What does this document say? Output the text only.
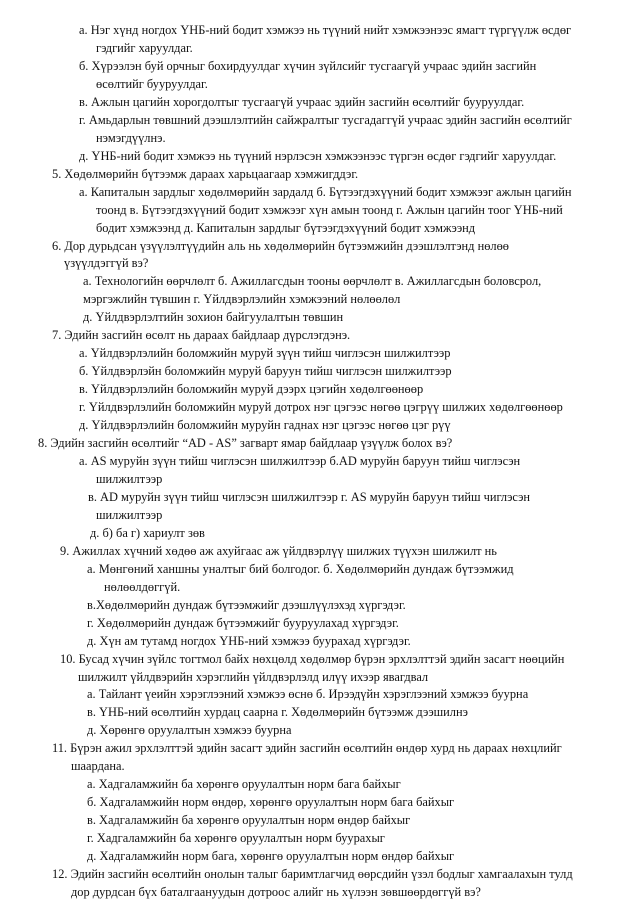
а. Нэг хүнд ногдох ҮНБ-ний бодит хэмжээ нь түүний нийт хэмжээнээс ямагт түргүүлж өсдөг
гэдгийг харуулдаг.
б. Хүрээлэн буй орчныг бохирдуулдаг хүчин зүйлсийг тусгаагүй учраас эдийн засгийн
өсөлтийг бууруулдаг.
в. Ажлын цагийн хорогдолтыг тусгаагүй учраас эдийн засгийн өсөлтийг бууруулдаг.
г. Амьдарлын төвшний дээшлэлтийн сайжралтыг тусгадаггүй учраас эдийн засгийн өсөлтийг
нэмэгдүүлнэ.
д. ҮНБ-ний бодит хэмжээ нь түүний нэрлэсэн хэмжээнээс түргэн өсдөг гэдгийг харуулдаг.
5. Хөдөлмөрийн бүтээмж дараах харьцаагаар хэмжигддэг.
а. Капиталын зардлыг хөдөлмөрийн зардалд б. Бүтээгдэхүүний бодит хэмжээг ажлын цагийн
тоонд в. Бүтээгдэхүүний бодит хэмжээг хүн амын тоонд г. Ажлын цагийн тоог ҮНБ-ний
бодит хэмжээнд д. Капиталын зардлыг бүтээгдэхүүний бодит хэмжээнд
6. Дор дурьдсан үзүүлэлтүүдийн аль нь хөдөлмөрийн бүтээмжийн дээшлэлтэнд нөлөө
үзүүлдэггүй вэ?
а. Технологийн өөрчлөлт б. Ажиллагсдын тооны өөрчлөлт в. Ажиллагсдын боловсрол,
мэргэжлийн түвшин г. Үйлдвэрлэлийн хэмжээний нөлөөлөл
д. Үйлдвэрлэлтийн зохион байгуулалтын төвшин
7. Эдийн засгийн өсөлт нь дараах байдлаар дүрслэгдэнэ.
а. Үйлдвэрлэлийн боломжийн муруй зүүн тийш чиглэсэн шилжилтээр
б. Үйлдвэрлэйн боломжийн муруй баруун тийш чиглэсэн шилжилтээр
в. Үйлдвэрлэлийн боломжийн муруй дээрх цэгийн хөдөлгөөнөөр
г. Үйлдвэрлэлийн боломжийн муруй дотрох нэг цэгээс нөгөө цэгрүү шилжих хөдөлгөөнөөр
д. Үйлдвэрлэлийн боломжийн муруйн гаднах нэг цэгээс нөгөө цэг рүү
8. Эдийн засгийн өсөлтийг “AD - AS” загварт ямар байдлаар үзүүлж болох вэ?
а. AS муруйн зүүн тийш чиглэсэн шилжилтээр б.AD муруйн баруун тийш чиглэсэн
шилжилтээр
в. AD муруйн зүүн тийш чиглэсэн шилжилтээр г. AS муруйн баруун тийш чиглэсэн
шилжилтээр
д. б) ба г) хариулт зөв
9. Ажиллах хүчний хөдөө аж ахуйгаас аж үйлдвэрлүү шилжих түүхэн шилжилт нь
а. Мөнгөний ханшны уналтыг бий болгодог. б. Хөдөлмөрийн дундаж бүтээмжид
нөлөөлдөггүй.
в.Хөдөлмөрийн дундаж бүтээмжийг дээшлүүлэхэд хүргэдэг.
г. Хөдөлмөрийн дундаж бүтээмжийг бууруулахад хүргэдэг.
д. Хүн ам тутамд ногдох ҮНБ-ний хэмжээ буурахад хүргэдэг.
10. Бусад хүчин зүйлс тогтмол байх нөхцөлд хөдөлмөр бүрэн эрхлэлттэй эдийн засагт нөөцийн
шилжилт үйлдвэрийн хэрэглийн үйлдвэрлэлд илүү ихээр явагдвал
а. Тайлант үеийн хэрэглээний хэмжээ өснө б. Ирээдүйн хэрэглээний хэмжээ буурна
в. ҮНБ-ний өсөлтийн хурдац саарна г. Хөдөлмөрийн бүтээмж дээшилнэ
д. Хөрөнгө оруулалтын хэмжээ буурна
11. Бүрэн ажил эрхлэлттэй эдийн засагт эдийн засгийн өсөлтийн өндөр хурд нь дараах нөхцлийг
шаардана.
а. Хадгаламжийн ба хөрөнгө оруулалтын норм бага байхыг
б. Хадгаламжийн норм өндөр, хөрөнгө оруулалтын норм бага байхыг
в. Хадгаламжийн ба хөрөнгө оруулалтын норм өндөр байхыг
г. Хадгаламжийн ба хөрөнгө оруулалтын норм буурахыг
д. Хадгаламжийн норм бага, хөрөнгө оруулалтын норм өндөр байхыг
12. Эдийн засгийн өсөлтийн онолын талыг баримтлагчид өөрсдийн үзэл бодлыг хамгаалахын тулд
дор дурдсан бүх баталгаануудын дотроос алийг нь хүлээн зөвшөөрдөггүй вэ?
